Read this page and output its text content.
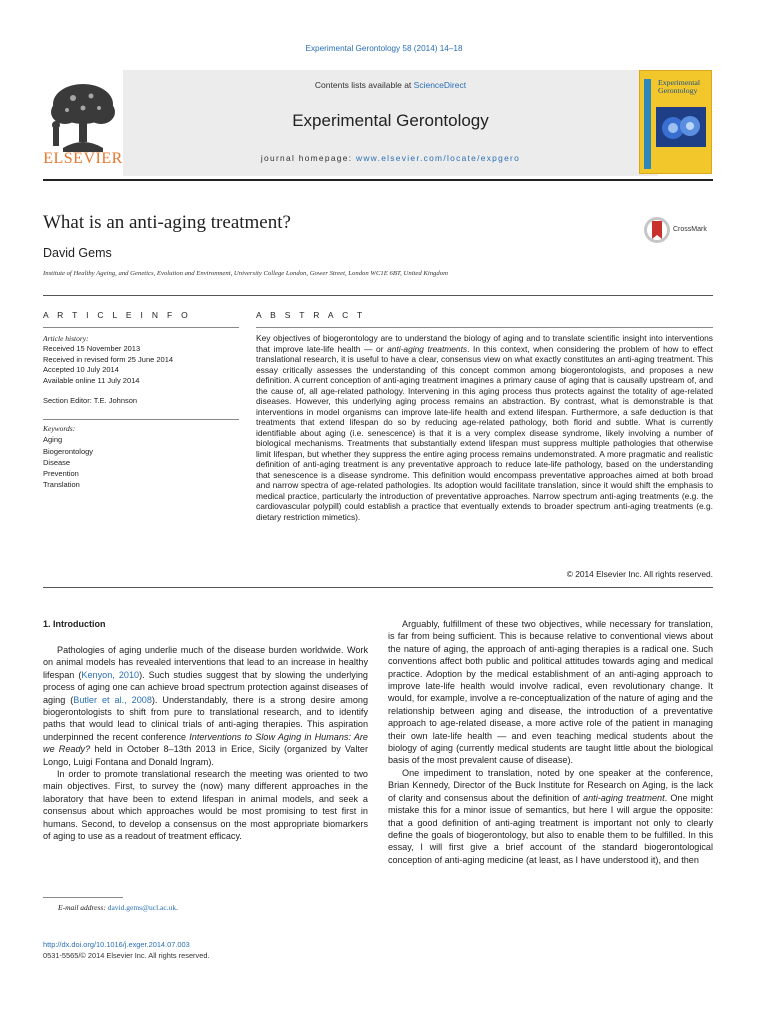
Experimental Gerontology 58 (2014) 14–18
ELSEVIER
Contents lists available at ScienceDirect
Experimental Gerontology
journal homepage: www.elsevier.com/locate/expgero
Experimental
Gerontology
What is an anti-aging treatment?	CrossMark
David Gems
Institute of Healthy Ageing, and Genetics, Evolution and Environment, University College London, Gower Street, London WC1E 6BT, United Kingdom
A R T I C L E I N F O
Article history:
Received 15 November 2013
Received in revised form 25 June 2014
Accepted 10 July 2014
Available online 11 July 2014
Section Editor: T.E. Johnson
Keywords:
Aging
Biogerontology
Disease
Prevention
Translation
A B S T R A C T
Key objectives of biogerontology are to understand the biology of aging and to translate scientific insight into interventions that improve late-life health — or anti-aging treatments. In this context, when considering the problem of how to effect translational research, it is useful to have a clear, consensus view on what exactly constitutes an anti-aging treatment. This essay critically assesses the understanding of this concept common among biogerontologists, and proposes a new definition. A current conception of anti-aging treatment imagines a primary cause of aging that is causally upstream of, and the cause of, all age-related pathology. Intervening in this aging process thus protects against the totality of age-related diseases. However, this underlying aging process remains an abstraction. By contrast, what is demonstrable is that interventions in model organisms can improve late-life health and extend lifespan. Furthermore, a safe deduction is that treatments that extend lifespan do so by reducing age-related pathology, both florid and subtle. What is currently identifiable about aging (i.e. senescence) is that it is a very complex disease syndrome, likely involving a number of biological mechanisms. Treatments that substantially extend lifespan must suppress multiple pathologies that otherwise limit lifespan, but whether they suppress the entire aging process remains undemonstrated. A more pragmatic and realistic definition of anti-aging treatment is any preventative approach to reduce late-life pathology, based on the understanding that senescence is a disease syndrome. This definition would encompass preventative approaches aimed at both broad and narrow spectra of age-related pathologies. Its adoption would facilitate translation, since it would shift the emphasis to medical practice, particularly the introduction of preventative approaches. Narrow spectrum anti-aging treatments (e.g. the cardiovascular polypill) could establish a practice that eventually extends to broader spectrum anti-aging treatments (e.g. dietary restriction mimetics).
© 2014 Elsevier Inc. All rights reserved.
1. Introduction

Pathologies of aging underlie much of the disease burden worldwide. Work on animal models has revealed interventions that lead to an increase in healthy lifespan (Kenyon, 2010). Such studies suggest that by slowing the underlying process of aging one can achieve broad spectrum protection against diseases of aging (Butler et al., 2008). Understandably, there is a strong desire among biogerontologists to shift from pure to translational research, and to identify paths that would lead to clinical trials of anti-aging therapies. This aspiration underpinned the recent conference Interventions to Slow Aging in Humans: Are we Ready? held in October 8–13th 2013 in Erice, Sicily (organized by Valter Longo, Luigi Fontana and Donald Ingram).

In order to promote translational research the meeting was oriented to two main objectives. First, to survey the (now) many different approaches in the laboratory that have been to extend lifespan in animal models, and seek a consensus about which approaches would be most promising to test first in humans. Second, to develop a consensus on the most appropriate biomarkers of aging to use as a readout of treatment efficacy.

Arguably, fulfillment of these two objectives, while necessary for translation, is far from being sufficient. This is because relative to conventional views about the nature of aging, the approach of anti-aging therapies is a radical one. Such conventions affect both public and political attitudes towards aging and medical practice. Adoption by the medical establishment of an anti-aging approach to improve late-life health would involve radical, even revolutionary change. It would, for example, involve a re-conceptualization of the nature of aging and the relationship between aging and disease, the introduction of a preventative approach to age-related disease, a more active role of the patient in managing their own late-life health — and even teaching medical students about the biology of aging (currently medical students are taught little about the biological basis of the most prevalent cause of disease).

One impediment to translation, noted by one speaker at the conference, Brian Kennedy, Director of the Buck Institute for Research on Aging, is the lack of clarity and consensus about the definition of anti-aging treatment. One might mistake this for a minor issue of semantics, but here I will argue the opposite: that a good definition of anti-aging treatment is important not only to clearly define the goals of biogerontology, but also to enable them to be fulfilled. In this essay, I will first give a brief account of the standard biogerontological conception of anti-aging medicine (at least, as I have understood it), and then

E-mail address: david.gems@ucl.ac.uk.
http://dx.doi.org/10.1016/j.exger.2014.07.003
0531-5565/© 2014 Elsevier Inc. All rights reserved.
